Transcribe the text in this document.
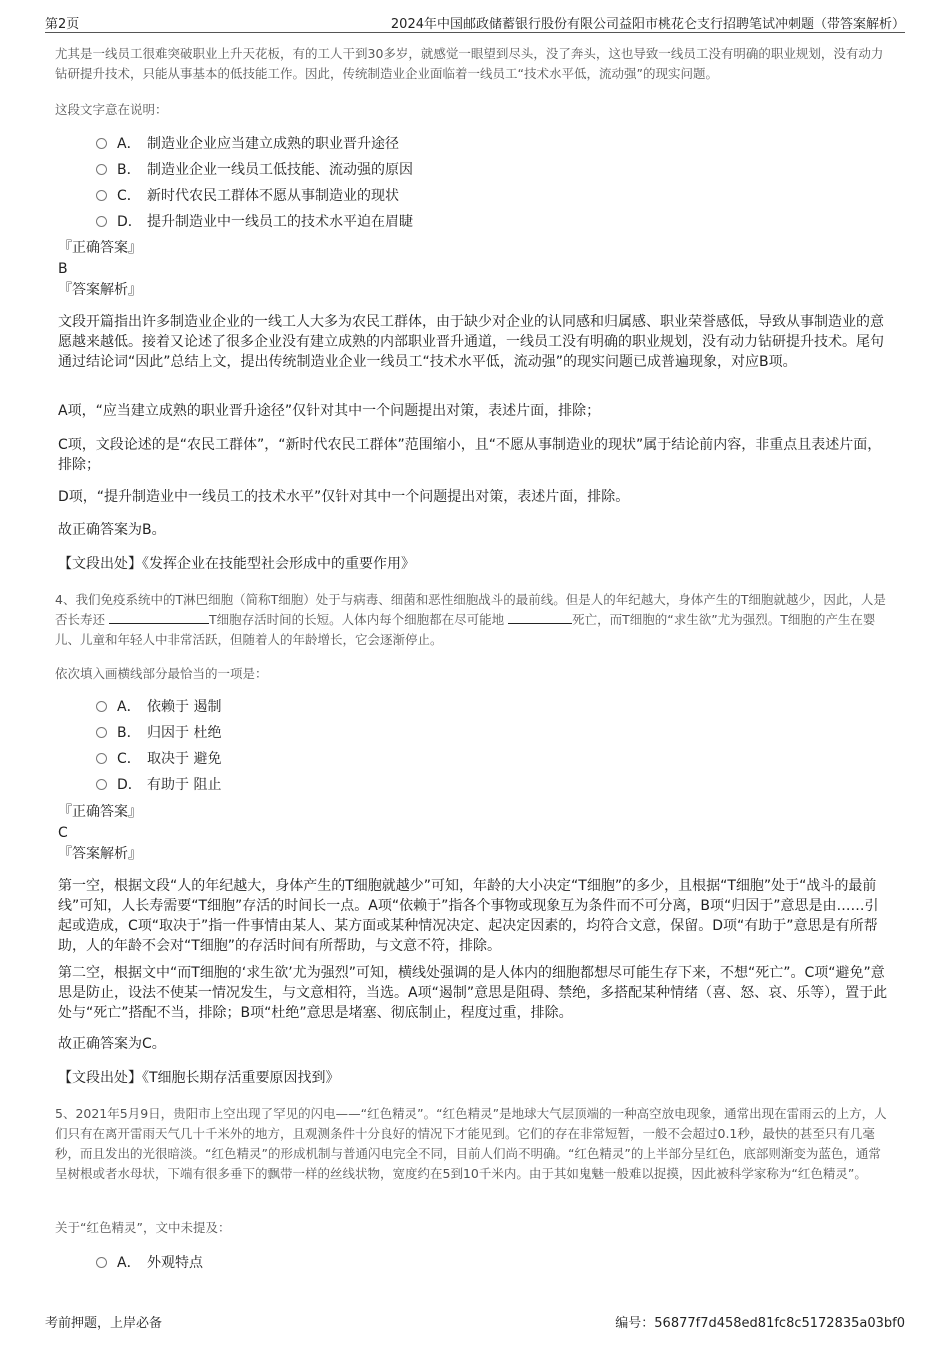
第2页	2024年中国邮政储蓄银行股份有限公司益阳市桃花仑支行招聘笔试冲刺题（带答案解析）
尤其是一线员工很难突破职业上升天花板，有的工人干到30多岁，就感觉一眼望到尽头，没了奔头，这也导致一线员工没有明确的职业规划，没有动力钻研提升技术，只能从事基本的低技能工作。因此，传统制造业企业面临着一线员工“技术水平低，流动强”的现实问题。
这段文字意在说明：
A． 制造业企业应当建立成熟的职业晋升途径
B． 制造业企业一线员工低技能、流动强的原因
C． 新时代农民工群体不愿从事制造业的现状
D． 提升制造业中一线员工的技术水平迫在眉睫
『正确答案』
B
『答案解析』
文段开篇指出许多制造业企业的一线工人大多为农民工群体，由于缺少对企业的认同感和归属感、职业荣誉感低，导致从事制造业的意愿越来越低。接着又论述了很多企业没有建立成熟的内部职业晋升通道，一线员工没有明确的职业规划，没有动力钻研提升技术。尾句通过结论词“因此”总结上文，提出传统制造业企业一线员工“技术水平低，流动强”的现实问题已成普遍现象，对应B项。
A项，“应当建立成熟的职业晋升途径”仅针对其中一个问题提出对策，表述片面，排除；
C项，文段论述的是“农民工群体”，“新时代农民工群体”范围缩小，且“不愿从事制造业的现状”属于结论前内容，非重点且表述片面，排除；
D项，“提升制造业中一线员工的技术水平”仅针对其中一个问题提出对策，表述片面，排除。
故正确答案为B。
【文段出处】《发挥企业在技能型社会形成中的重要作用》
4、我们免疫系统中的T淋巴细胞（简称T细胞）处于与病毒、细菌和恶性细胞战斗的最前线。但是人的年纪越大，身体产生的T细胞就越少，因此，人是否长寿还	T细胞存活时间的长短。人体内每个细胞都在尽可能地	死亡，而T细胞的“求生欲”尤为强烈。T细胞的产生在婴儿、儿童和年轻人中非常活跃，但随着人的年龄增长，它会逐渐停止。
依次填入画横线部分最恰当的一项是：
A． 依赖于 遏制
B． 归因于 杜绝
C． 取决于 避免
D． 有助于 阻止
『正确答案』
C
『答案解析』
第一空，根据文段“人的年纪越大，身体产生的T细胞就越少”可知，年龄的大小决定“T细胞”的多少，且根据“T细胞”处于“战斗的最前线”可知，人长寿需要“T细胞”存活的时间长一点。A项“依赖于”指各个事物或现象互为条件而不可分离，B项“归因于”意思是由……引起或造成，C项“取决于”指一件事情由某人、某方面或某种情况决定、起决定因素的，均符合文意，保留。D项“有助于”意思是有所帮助，人的年龄不会对“T细胞”的存活时间有所帮助，与文意不符，排除。
第二空，根据文中“而T细胞的‘求生欲’尤为强烈”可知，横线处强调的是人体内的细胞都想尽可能生存下来，不想“死亡”。C项“避免”意思是防止，设法不使某一情况发生，与文意相符，当选。A项“遏制”意思是阻碍、禁绝，多搭配某种情绪（喜、怒、哀、乐等），置于此处与“死亡”搭配不当，排除；B项“杜绝”意思是堵塞、彻底制止，程度过重，排除。
故正确答案为C。
【文段出处】《T细胞长期存活重要原因找到》
5、2021年5月9日，贵阳市上空出现了罕见的闪电——“红色精灵”。“红色精灵”是地球大气层顶端的一种高空放电现象，通常出现在雷雨云的上方，人们只有在离开雷雨天气几十千米外的地方，且观测条件十分良好的情况下才能见到。它们的存在非常短暂，一般不会超过0.1秒，最快的甚至只有几毫秒，而且发出的光很暗淡。“红色精灵”的形成机制与普通闪电完全不同，目前人们尚不明确。“红色精灵”的上半部分呈红色，底部则渐变为蓝色，通常呈树根或者水母状，下端有很多垂下的飘带一样的丝线状物，宽度约在5到10千米内。由于其如鬼魅一般难以捉摸，因此被科学家称为“红色精灵”。
关于“红色精灵”，文中未提及：
A． 外观特点
考前押题，上岸必备	编号：56877f7d458ed81fc8c5172835a03bf0
